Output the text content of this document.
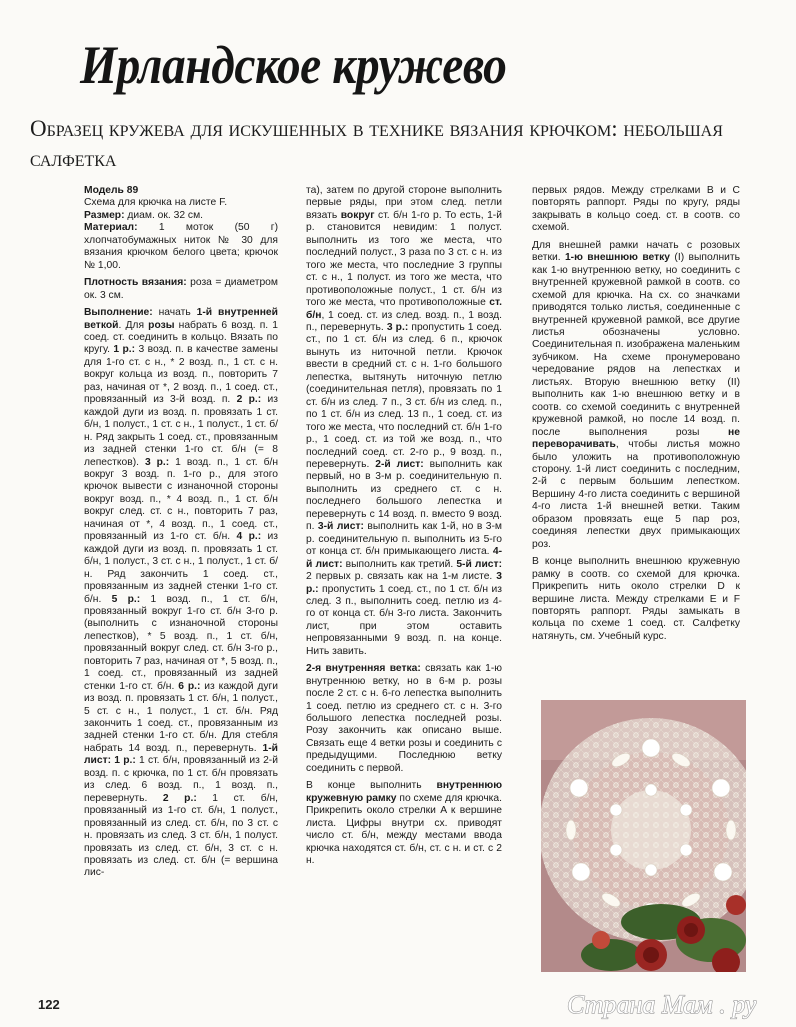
Ирландское кружево
Образец кружева для искушенных в технике вязания крючком: небольшая салфетка

Модель 89

Схема для крючка на листе F.

Размер: диам. ок. 32 см.

Материал: 1 моток (50 г) хлопчатобумажных ниток № 30 для вязания крючком белого цвета; крючок № 1,00.

Плотность вязания: роза = диаметром ок. 3 см.

Выполнение: начать 1-й внутренней веткой. Для розы набрать 6 возд. п. 1 соед. ст. соединить в кольцо. Вязать по кругу. 1 р.: 3 возд. п. в качестве замены для 1-го ст. с н., * 2 возд. п., 1 ст. с н. вокруг кольца из возд. п., повторить 7 раз, начиная от *, 2 возд. п., 1 соед. ст., провязанный из 3-й возд. п. 2 р.: из каждой дуги из возд. п. провязать 1 ст. б/н, 1 полуст., 1 ст. с н., 1 полуст., 1 ст. б/н. Ряд закрыть 1 соед. ст., провязанным из задней стенки 1-го ст. б/н (= 8 лепестков). 3 р.: 1 возд. п., 1 ст. б/н вокруг 3 возд. п. 1-го р., для этого крючок вывести с изнаночной стороны вокруг возд. п., * 4 возд. п., 1 ст. б/н вокруг след. ст. с н., повторить 7 раз, начиная от *, 4 возд. п., 1 соед. ст., провязанный из 1-го ст. б/н. 4 р.: из каждой дуги из возд. п. провязать 1 ст. б/н, 1 полуст., 3 ст. с н., 1 полуст., 1 ст. б/н. Ряд закончить 1 соед. ст., провязанным из задней стенки 1-го ст. б/н. 5 р.: 1 возд. п., 1 ст. б/н, провязанный вокруг 1-го ст. б/н 3-го р. (выполнить с изнаночной стороны лепестков), * 5 возд. п., 1 ст. б/н, провязанный вокруг след. ст. б/н 3-го р., повторить 7 раз, начиная от *, 5 возд. п., 1 соед. ст., провязанный из задней стенки 1-го ст. б/н. 6 р.: из каждой дуги из возд. п. провязать 1 ст. б/н, 1 полуст., 5 ст. с н., 1 полуст., 1 ст. б/н. Ряд закончить 1 соед. ст., провязанным из задней стенки 1-го ст. б/н. Для стебля набрать 14 возд. п., перевернуть. 1-й лист: 1 р.: 1 ст. б/н, провязанный из 2-й возд. п. с крючка, по 1 ст. б/н провязать из след. 6 возд. п., 1 возд. п., перевернуть. 2 р.: 1 ст. б/н, провязанный из 1-го ст. б/н, 1 полуст., провязанный из след. ст. б/н, по 3 ст. с н. провязать из след. 3 ст. б/н, 1 полуст. провязать из след. ст. б/н, 3 ст. с н. провязать из след. ст. б/н (= вершина лис-

та), затем по другой стороне выполнить первые ряды, при этом след. петли вязать вокруг ст. б/н 1-го р. То есть, 1-й р. становится невидим: 1 полуст. выполнить из того же места, что последний полуст., 3 раза по 3 ст. с н. из того же места, что последние 3 группы ст. с н., 1 полуст. из того же места, что противоположные полуст., 1 ст. б/н из того же места, что противоположные ст. б/н, 1 соед. ст. из след. возд. п., 1 возд. п., перевернуть. 3 р.: пропустить 1 соед. ст., по 1 ст. б/н из след. 6 п., крючок вынуть из ниточной петли. Крючок ввести в средний ст. с н. 1-го большого лепестка, вытянуть ниточную петлю (соединительная петля), провязать по 1 ст. б/н из след. 7 п., 3 ст. б/н из след. п., по 1 ст. б/н из след. 13 п., 1 соед. ст. из того же места, что последний ст. б/н 1-го р., 1 соед. ст. из той же возд. п., что последний соед. ст. 2-го р., 9 возд. п., перевернуть. 2-й лист: выполнить как первый, но в 3-м р. соединительную п. выполнить из среднего ст. с н. последнего большого лепестка и перевернуть с 14 возд. п. вместо 9 возд. п. 3-й лист: выполнить как 1-й, но в 3-м р. соединительную п. выполнить из 5-го от конца ст. б/н примыкающего листа. 4-й лист: выполнить как третий. 5-й лист: 2 первых р. связать как на 1-м листе. 3 р.: пропустить 1 соед. ст., по 1 ст. б/н из след. 3 п., выполнить соед. петлю из 4-го от конца ст. б/н 3-го листа. Закончить лист, при этом оставить непровязанными 9 возд. п. на конце. Нить завить.

2-я внутренняя ветка: связать как 1-ю внутреннюю ветку, но в 6-м р. розы после 2 ст. с н. 6-го лепестка выполнить 1 соед. петлю из среднего ст. с н. 3-го большого лепестка последней розы. Розу закончить как описано выше. Связать еще 4 ветки розы и соединить с предыдущими. Последнюю ветку соединить с первой.

В конце выполнить внутреннюю кружевную рамку по схеме для крючка. Прикрепить около стрелки A к вершине листа. Цифры внутри сх. приводят число ст. б/н, между местами ввода крючка находятся ст. б/н, ст. с н. и ст. с 2 н.

первых рядов. Между стрелками B и C повторять раппорт. Ряды по кругу, ряды закрывать в кольцо соед. ст. в соотв. со схемой.

Для внешней рамки начать с розовых ветки. 1-ю внешнюю ветку (I) выполнить как 1-ю внутреннюю ветку, но соединить с внутренней кружевной рамкой в соотв. со схемой для крючка. На сх. со значками приводятся только листья, соединенные с внутренней кружевной рамкой, все другие листья обозначены условно. Соединительная п. изображена маленьким зубчиком. На схеме пронумеровано чередование рядов на лепестках и листьях. Вторую внешнюю ветку (II) выполнить как 1-ю внешнюю ветку и в соотв. со схемой соединить с внутренней кружевной рамкой, но после 14 возд. п. после выполнения розы не переворачивать, чтобы листья можно было уложить на противоположную сторону. 1-й лист соединить с последним, 2-й с первым большим лепестком. Вершину 4-го листа соединить с вершиной 4-го листа 1-й внешней ветки. Таким образом провязать еще 5 пар роз, соединяя лепестки двух примыкающих роз.

В конце выполнить внешнюю кружевную рамку в соотв. со схемой для крючка. Прикрепить нить около стрелки D к вершине листа. Между стрелками E и F повторять раппорт. Ряды замыкать в кольца по схеме 1 соед. ст. Салфетку натянуть, см. Учебный курс.

122	Страна Мам . ру
